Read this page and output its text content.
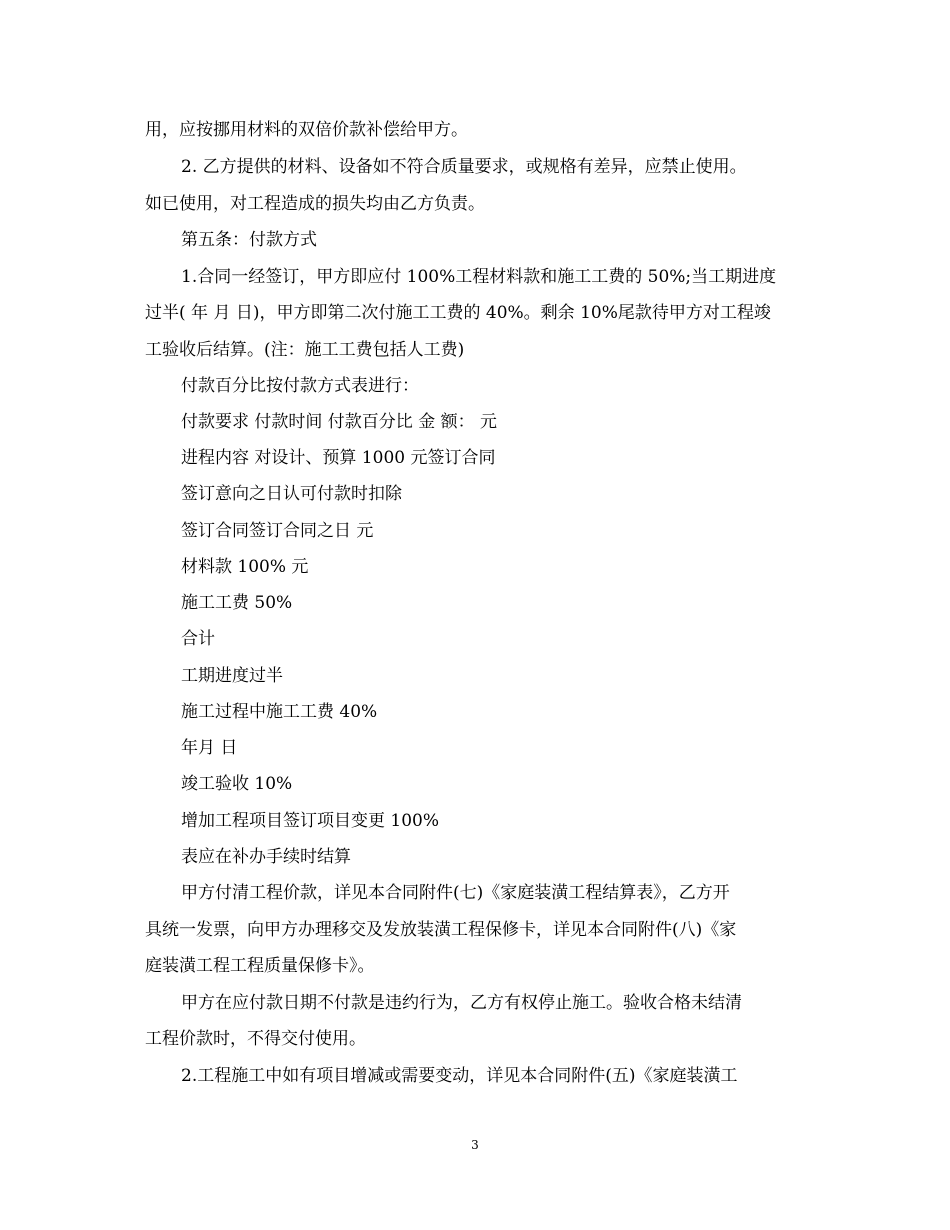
用，应按挪用材料的双倍价款补偿给甲方。
2. 乙方提供的材料、设备如不符合质量要求，或规格有差异，应禁止使用。
如已使用，对工程造成的损失均由乙方负责。
第五条：付款方式
1.合同一经签订，甲方即应付 100%工程材料款和施工工费的 50%;当工期进度
过半( 年 月 日)，甲方即第二次付施工工费的 40%。剩余 10%尾款待甲方对工程竣
工验收后结算。(注：施工工费包括人工费)
付款百分比按付款方式表进行：
付款要求 付款时间 付款百分比 金 额： 元
进程内容 对设计、预算 1000 元签订合同
签订意向之日认可付款时扣除
签订合同签订合同之日 元
材料款 100% 元
施工工费 50%
合计
工期进度过半
施工过程中施工工费 40%
年月 日
竣工验收 10%
增加工程项目签订项目变更 100%
表应在补办手续时结算
甲方付清工程价款，详见本合同附件(七)《家庭装潢工程结算表》，乙方开
具统一发票，向甲方办理移交及发放装潢工程保修卡，详见本合同附件(八)《家
庭装潢工程工程质量保修卡》。
甲方在应付款日期不付款是违约行为，乙方有权停止施工。验收合格未结清
工程价款时，不得交付使用。
2.工程施工中如有项目增减或需要变动，详见本合同附件(五)《家庭装潢工
3
